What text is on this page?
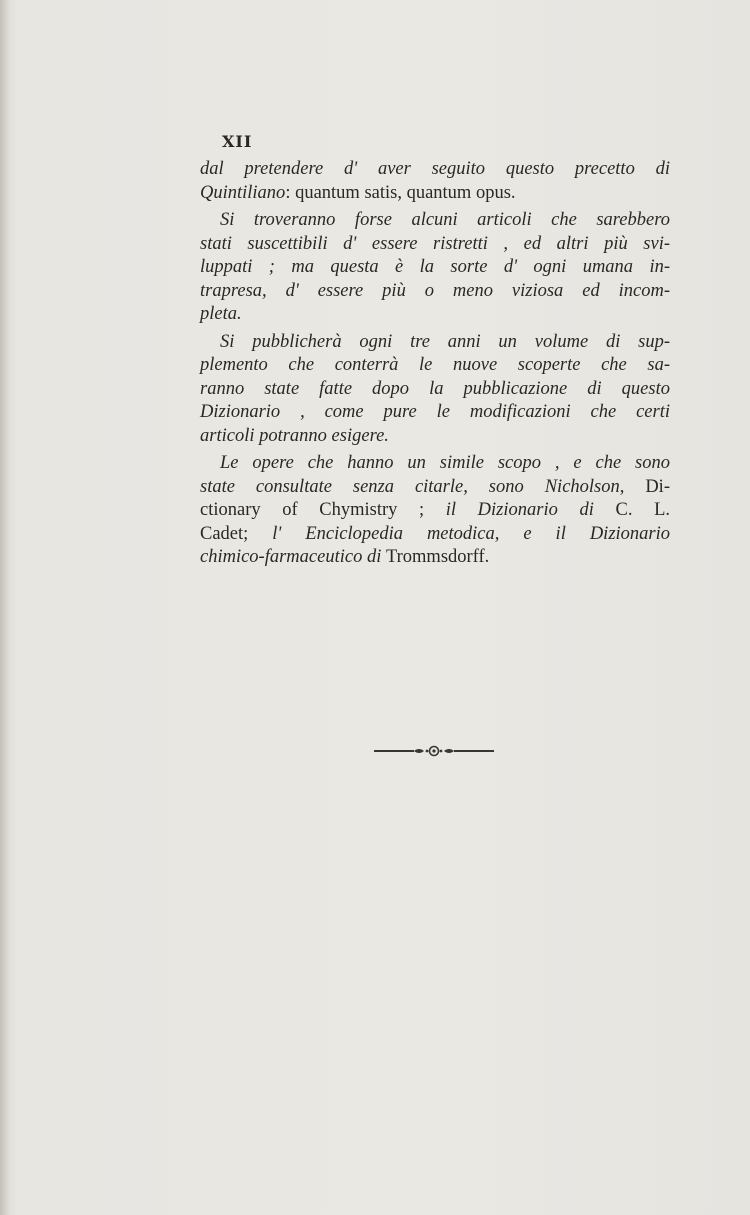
XII

dal pretendere d' aver seguito questo precetto di
Quintiliano: quantum satis, quantum opus.

Si troveranno forse alcuni articoli che sarebbero
stati suscettibili d' essere ristretti , ed altri più svi-
luppati ; ma questa è la sorte d' ogni umana in-
trapresa, d' essere più o meno viziosa ed incom-
pleta.

Si pubblicherà ogni tre anni un volume di sup-
plemento che conterrà le nuove scoperte che sa-
ranno state fatte dopo la pubblicazione di questo
Dizionario , come pure le modificazioni che certi
articoli potranno esigere.

Le opere che hanno un simile scopo , e che sono
state consultate senza citarle, sono Nicholson, Di-
ctionary of Chymistry ; il Dizionario di C. L.
Cadet; l' Enciclopedia metodica, e il Dizionario
chimico-farmaceutico di Trommsdorff.
